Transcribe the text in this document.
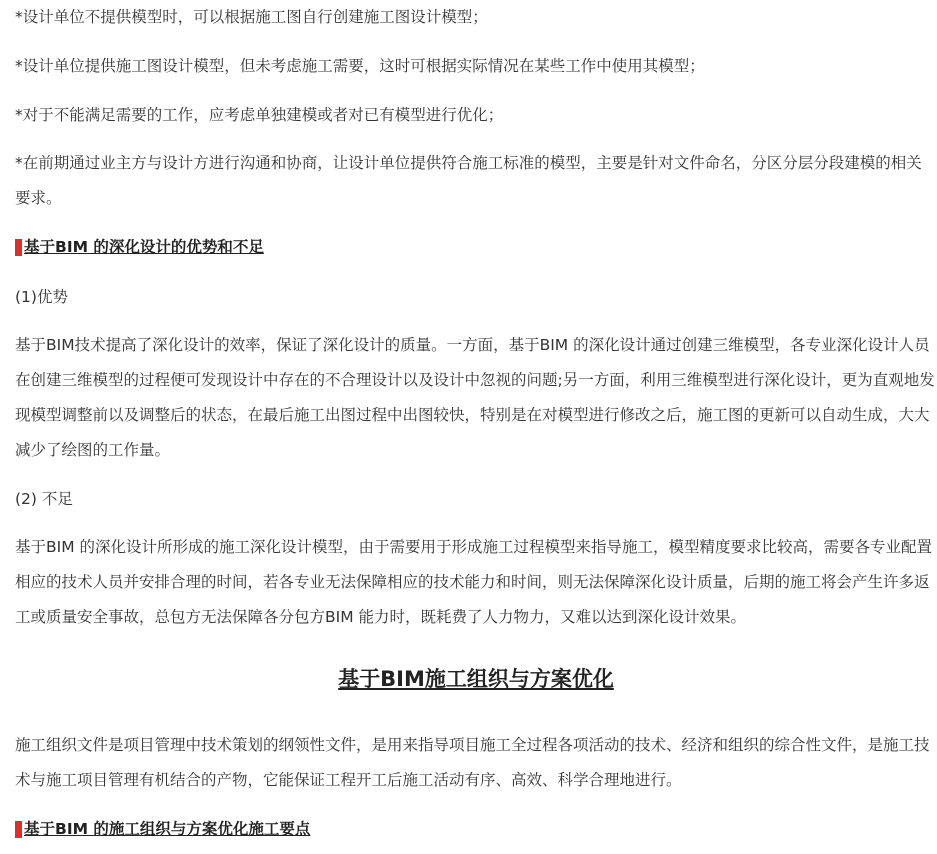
*设计单位不提供模型时，可以根据施工图自行创建施工图设计模型；

*设计单位提供施工图设计模型，但未考虑施工需要，这时可根据实际情况在某些工作中使用其模型；

*对于不能满足需要的工作，应考虑单独建模或者对已有模型进行优化；

*在前期通过业主方与设计方进行沟通和协商，让设计单位提供符合施工标准的模型，主要是针对文件命名，分区分层分段建模的相关要求。

基于BIM 的深化设计的优势和不足

(1)优势

基于BIM技术提高了深化设计的效率，保证了深化设计的质量。一方面，基于BIM 的深化设计通过创建三维模型，各专业深化设计人员在创建三维模型的过程便可发现设计中存在的不合理设计以及设计中忽视的问题;另一方面，利用三维模型进行深化设计，更为直观地发现模型调整前以及调整后的状态，在最后施工出图过程中出图较快，特别是在对模型进行修改之后，施工图的更新可以自动生成，大大减少了绘图的工作量。

(2) 不足

基于BIM 的深化设计所形成的施工深化设计模型，由于需要用于形成施工过程模型来指导施工，模型精度要求比较高，需要各专业配置相应的技术人员并安排合理的时间，若各专业无法保障相应的技术能力和时间，则无法保障深化设计质量，后期的施工将会产生许多返工或质量安全事故，总包方无法保障各分包方BIM 能力时，既耗费了人力物力，又难以达到深化设计效果。

基于BIM施工组织与方案优化

施工组织文件是项目管理中技术策划的纲领性文件，是用来指导项目施工全过程各项活动的技术、经济和组织的综合性文件，是施工技术与施工项目管理有机结合的产物，它能保证工程开工后施工活动有序、高效、科学合理地进行。

基于BIM 的施工组织与方案优化施工要点
